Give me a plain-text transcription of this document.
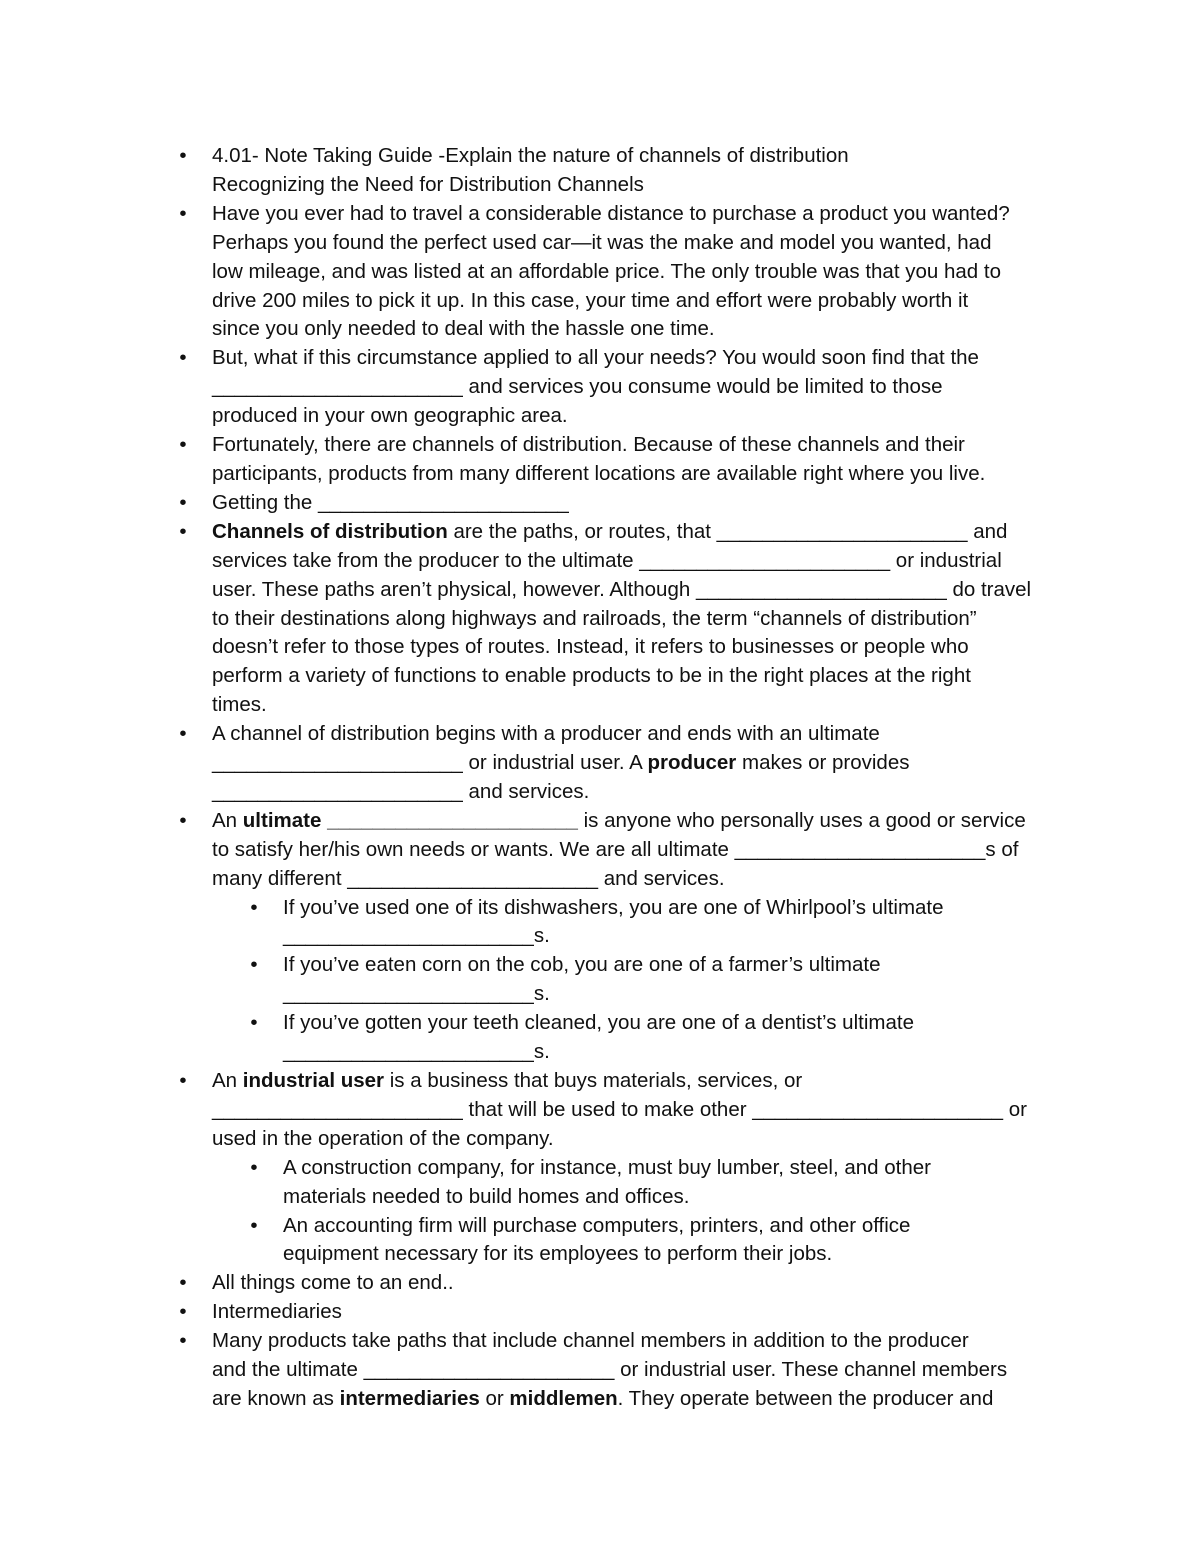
• 4.01- Note Taking Guide -Explain the nature of channels of distribution
Recognizing the Need for Distribution Channels
• Have you ever had to travel a considerable distance to purchase a product you wanted?
Perhaps you found the perfect used car—it was the make and model you wanted, had
low mileage, and was listed at an affordable price. The only trouble was that you had to
drive 200 miles to pick it up. In this case, your time and effort were probably worth it
since you only needed to deal with the hassle one time.
• But, what if this circumstance applied to all your needs? You would soon find that the
______________________ and services you consume would be limited to those
produced in your own geographic area.
• Fortunately, there are channels of distribution. Because of these channels and their
participants, products from many different locations are available right where you live.
• Getting the ______________________
• Channels of distribution are the paths, or routes, that ______________________ and
services take from the producer to the ultimate ______________________ or industrial
user. These paths aren’t physical, however. Although ______________________ do travel
to their destinations along highways and railroads, the term “channels of distribution”
doesn’t refer to those types of routes. Instead, it refers to businesses or people who
perform a variety of functions to enable products to be in the right places at the right
times.
• A channel of distribution begins with a producer and ends with an ultimate
______________________ or industrial user. A producer makes or provides
______________________ and services.
• An ultimate ______________________ is anyone who personally uses a good or service
to satisfy her/his own needs or wants. We are all ultimate ______________________s of
many different ______________________ and services.
• If you’ve used one of its dishwashers, you are one of Whirlpool’s ultimate
______________________s.
• If you’ve eaten corn on the cob, you are one of a farmer’s ultimate
______________________s.
• If you’ve gotten your teeth cleaned, you are one of a dentist’s ultimate
______________________s.
• An industrial user is a business that buys materials, services, or
______________________ that will be used to make other ______________________ or
used in the operation of the company.
• A construction company, for instance, must buy lumber, steel, and other
materials needed to build homes and offices.
• An accounting firm will purchase computers, printers, and other office
equipment necessary for its employees to perform their jobs.
• All things come to an end..
• Intermediaries
• Many products take paths that include channel members in addition to the producer
and the ultimate ______________________ or industrial user. These channel members
are known as intermediaries or middlemen. They operate between the producer and
